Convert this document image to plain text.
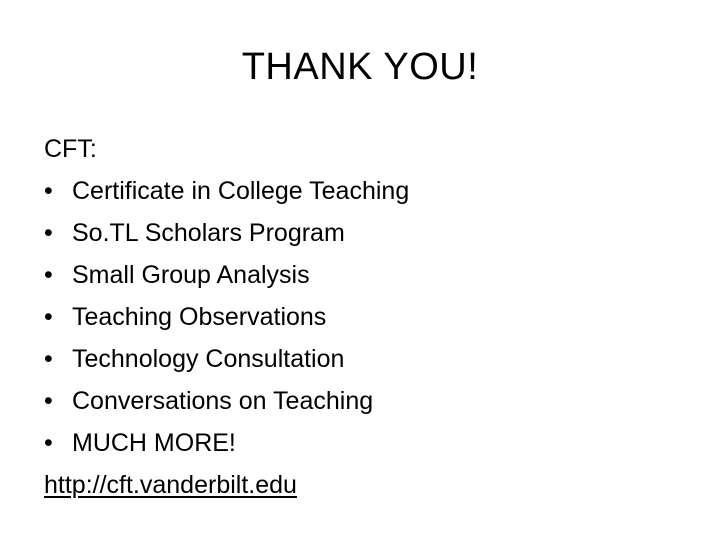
THANK YOU!
CFT:
• Certificate in College Teaching
• So.TL Scholars Program
• Small Group Analysis
• Teaching Observations
• Technology Consultation
• Conversations on Teaching
• MUCH MORE!
http://cft.vanderbilt.edu
